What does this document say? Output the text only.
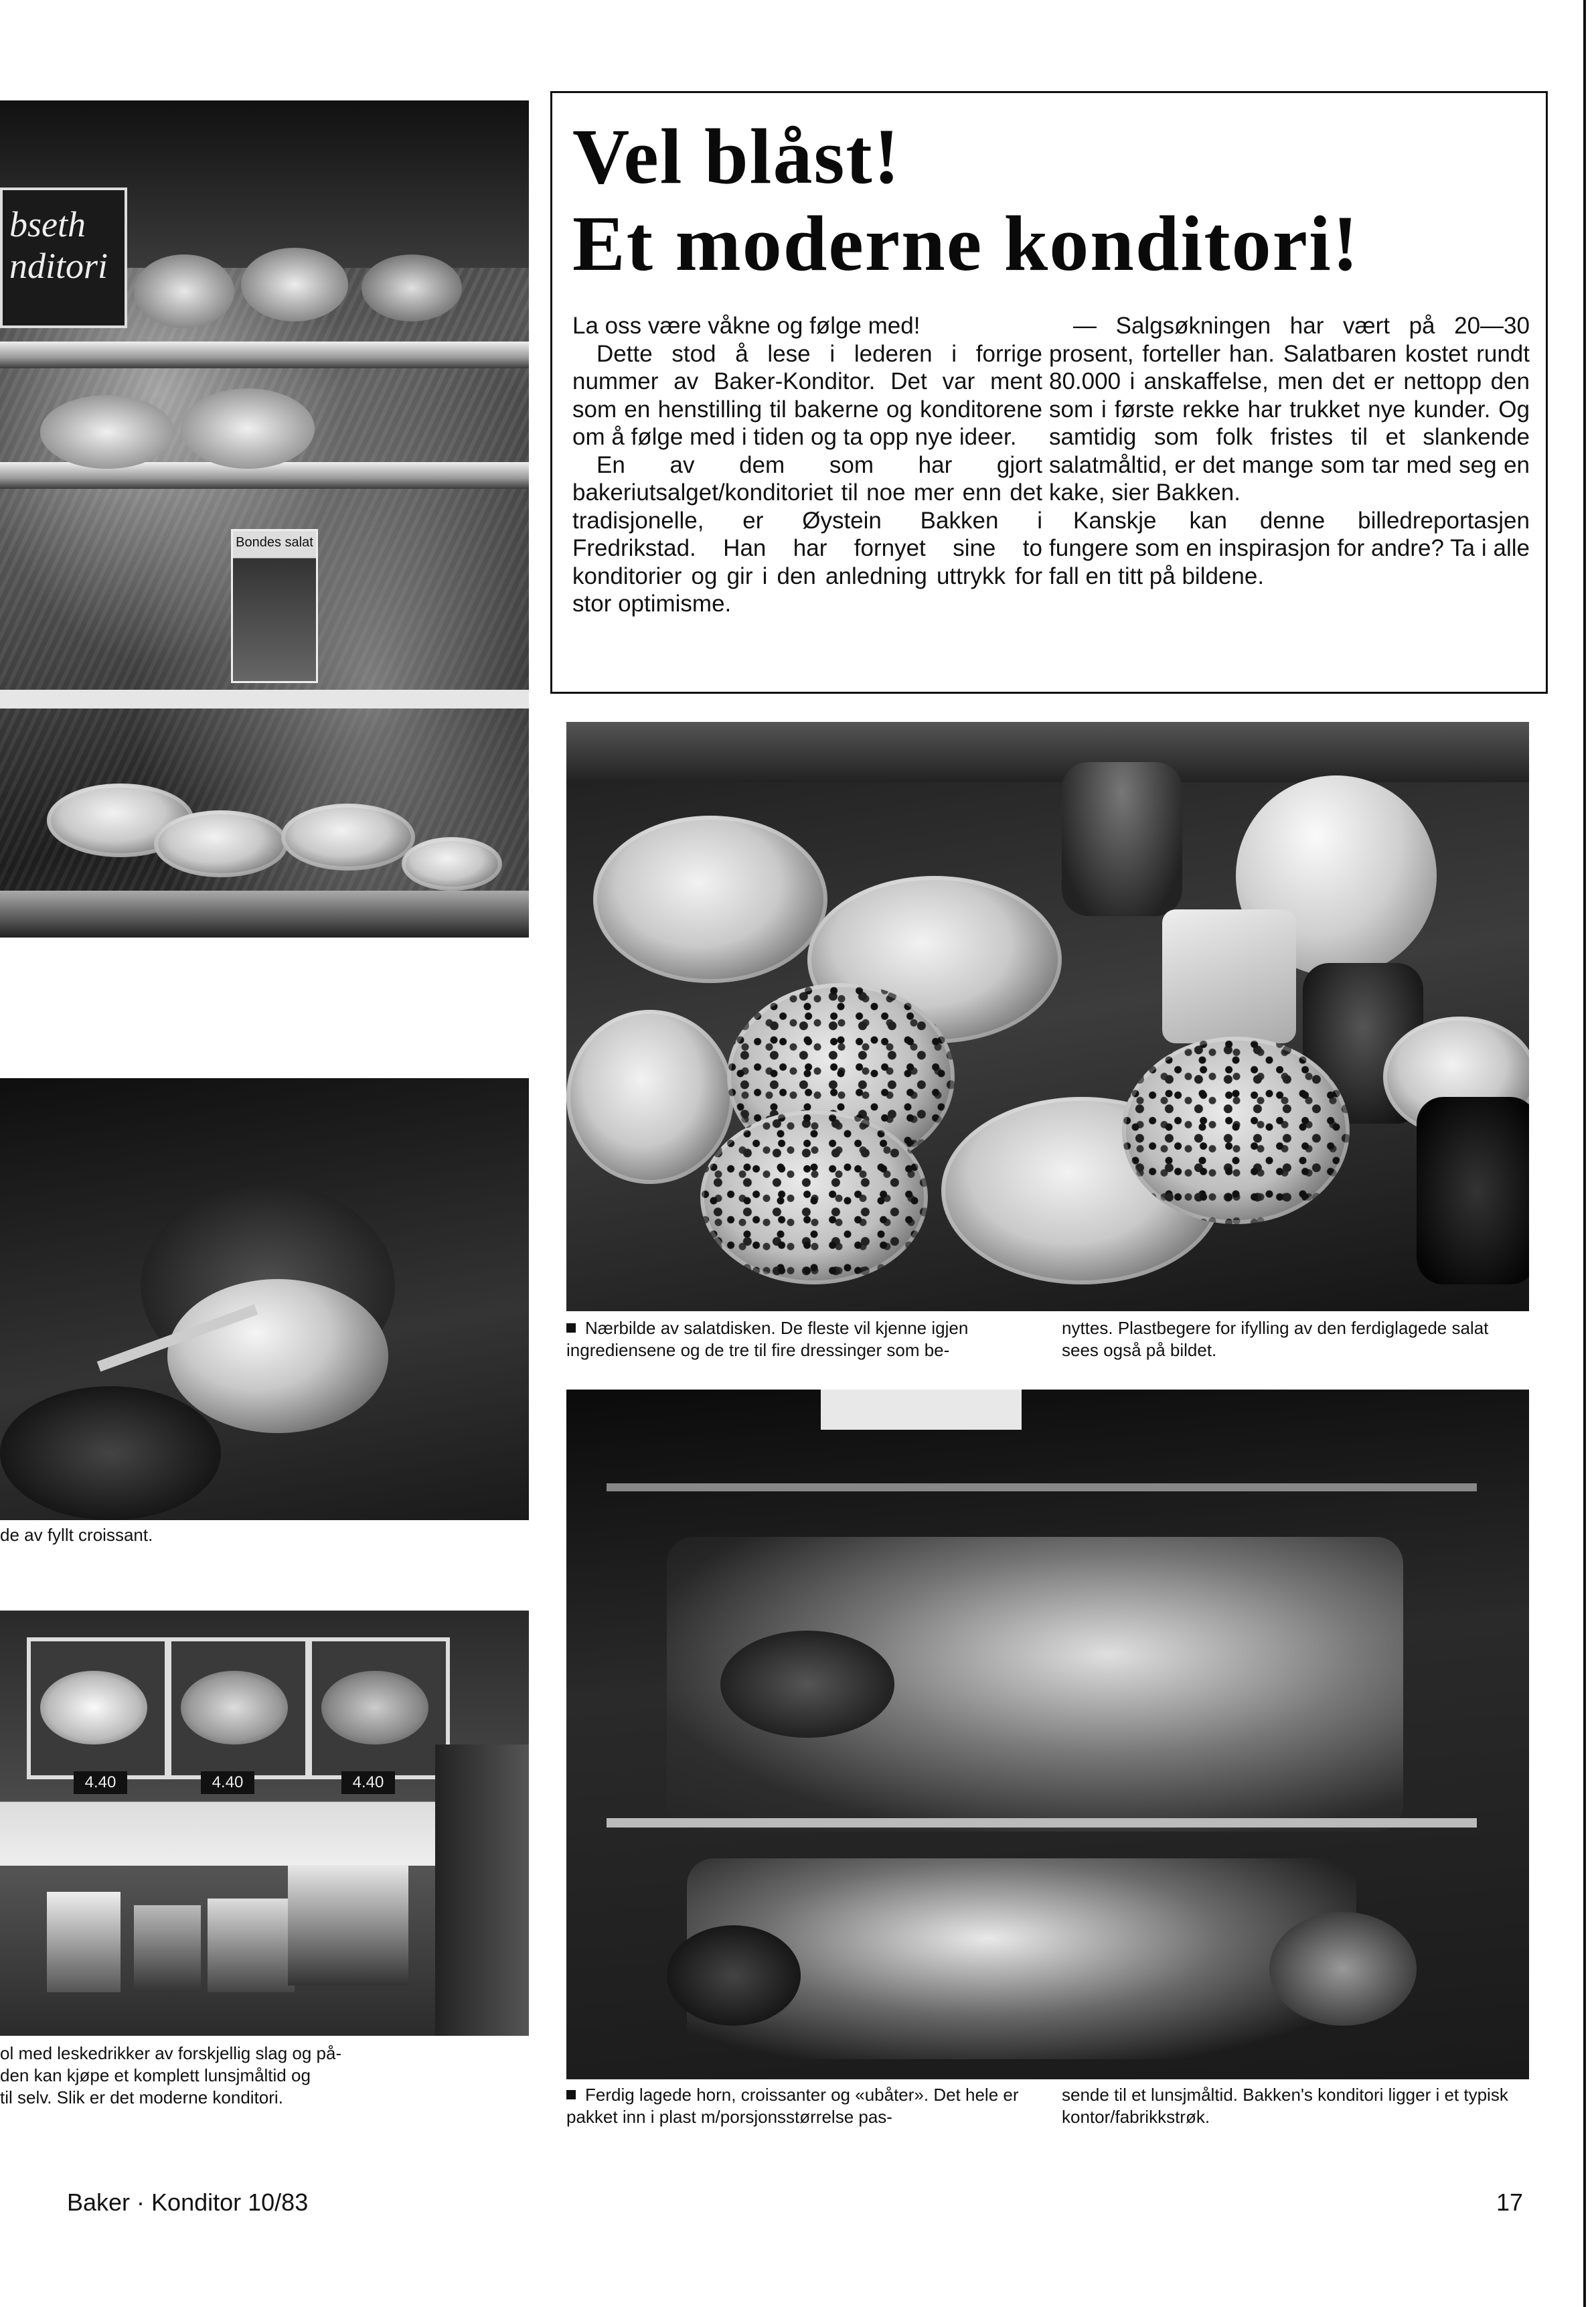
bseth
nditori
Bondes salat
Vel blåst!
Et moderne konditori!

La oss være våkne og følge med!

Dette stod å lese i lederen i forrige nummer av Baker-Konditor. Det var ment som en henstilling til bakerne og konditorene om å følge med i tiden og ta opp nye ideer.

En av dem som har gjort bakeriutsalget/konditoriet til noe mer enn det tradisjonelle, er Øystein Bakken i Fredrikstad. Han har fornyet sine to konditorier og gir i den anledning uttrykk for stor optimisme.

— Salgsøkningen har vært på 20—30 prosent, forteller han. Salatbaren kostet rundt 80.000 i anskaffelse, men det er nettopp den som i første rekke har trukket nye kunder. Og samtidig som folk fristes til et slankende salatmåltid, er det mange som tar med seg en kake, sier Bakken.

Kanskje kan denne billedreportasjen fungere som en inspirasjon for andre? Ta i alle fall en titt på bildene.

Nærbilde av salatdisken. De fleste vil kjenne igjen ingrediensene og de tre til fire dressinger som be-
nyttes. Plastbegere for ifylling av den ferdiglagede salat sees også på bildet.
de av fyllt croissant.
4.40	4.40	4.40
ol med leskedrikker av forskjellig slag og på-
den kan kjøpe et komplett lunsjmåltid og
til selv. Slik er det moderne konditori.	Ferdig lagede horn, croissanter og «ubåter». Det hele er pakket inn i plast m/porsjonsstørrelse pas-
sende til et lunsjmåltid. Bakken's konditori ligger i et typisk kontor/fabrikkstrøk.
Baker · Konditor 10/83	17
